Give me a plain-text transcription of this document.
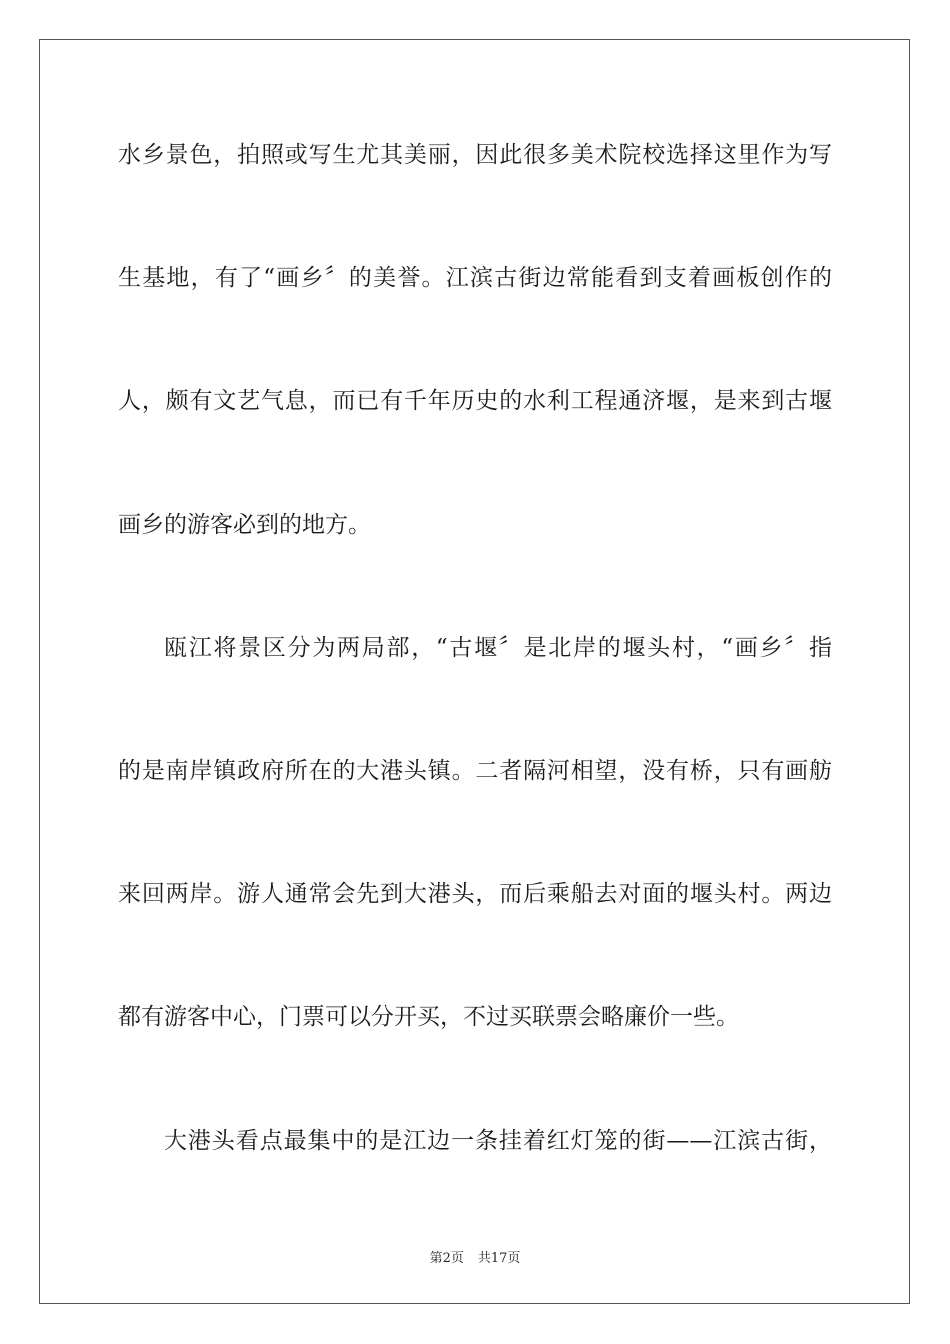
水乡景色，拍照或写生尤其美丽，因此很多美术院校选择这里作为写
生基地，有了“画乡〞的美誉。江滨古街边常能看到支着画板创作的
人，颇有文艺气息，而已有千年历史的水利工程通济堰，是来到古堰
画乡的游客必到的地方。
瓯江将景区分为两局部，“古堰〞是北岸的堰头村，“画乡〞指
的是南岸镇政府所在的大港头镇。二者隔河相望，没有桥，只有画舫
来回两岸。游人通常会先到大港头，而后乘船去对面的堰头村。两边
都有游客中心，门票可以分开买，不过买联票会略廉价一些。
大港头看点最集中的是江边一条挂着红灯笼的街——江滨古街，
第2页 共17页
